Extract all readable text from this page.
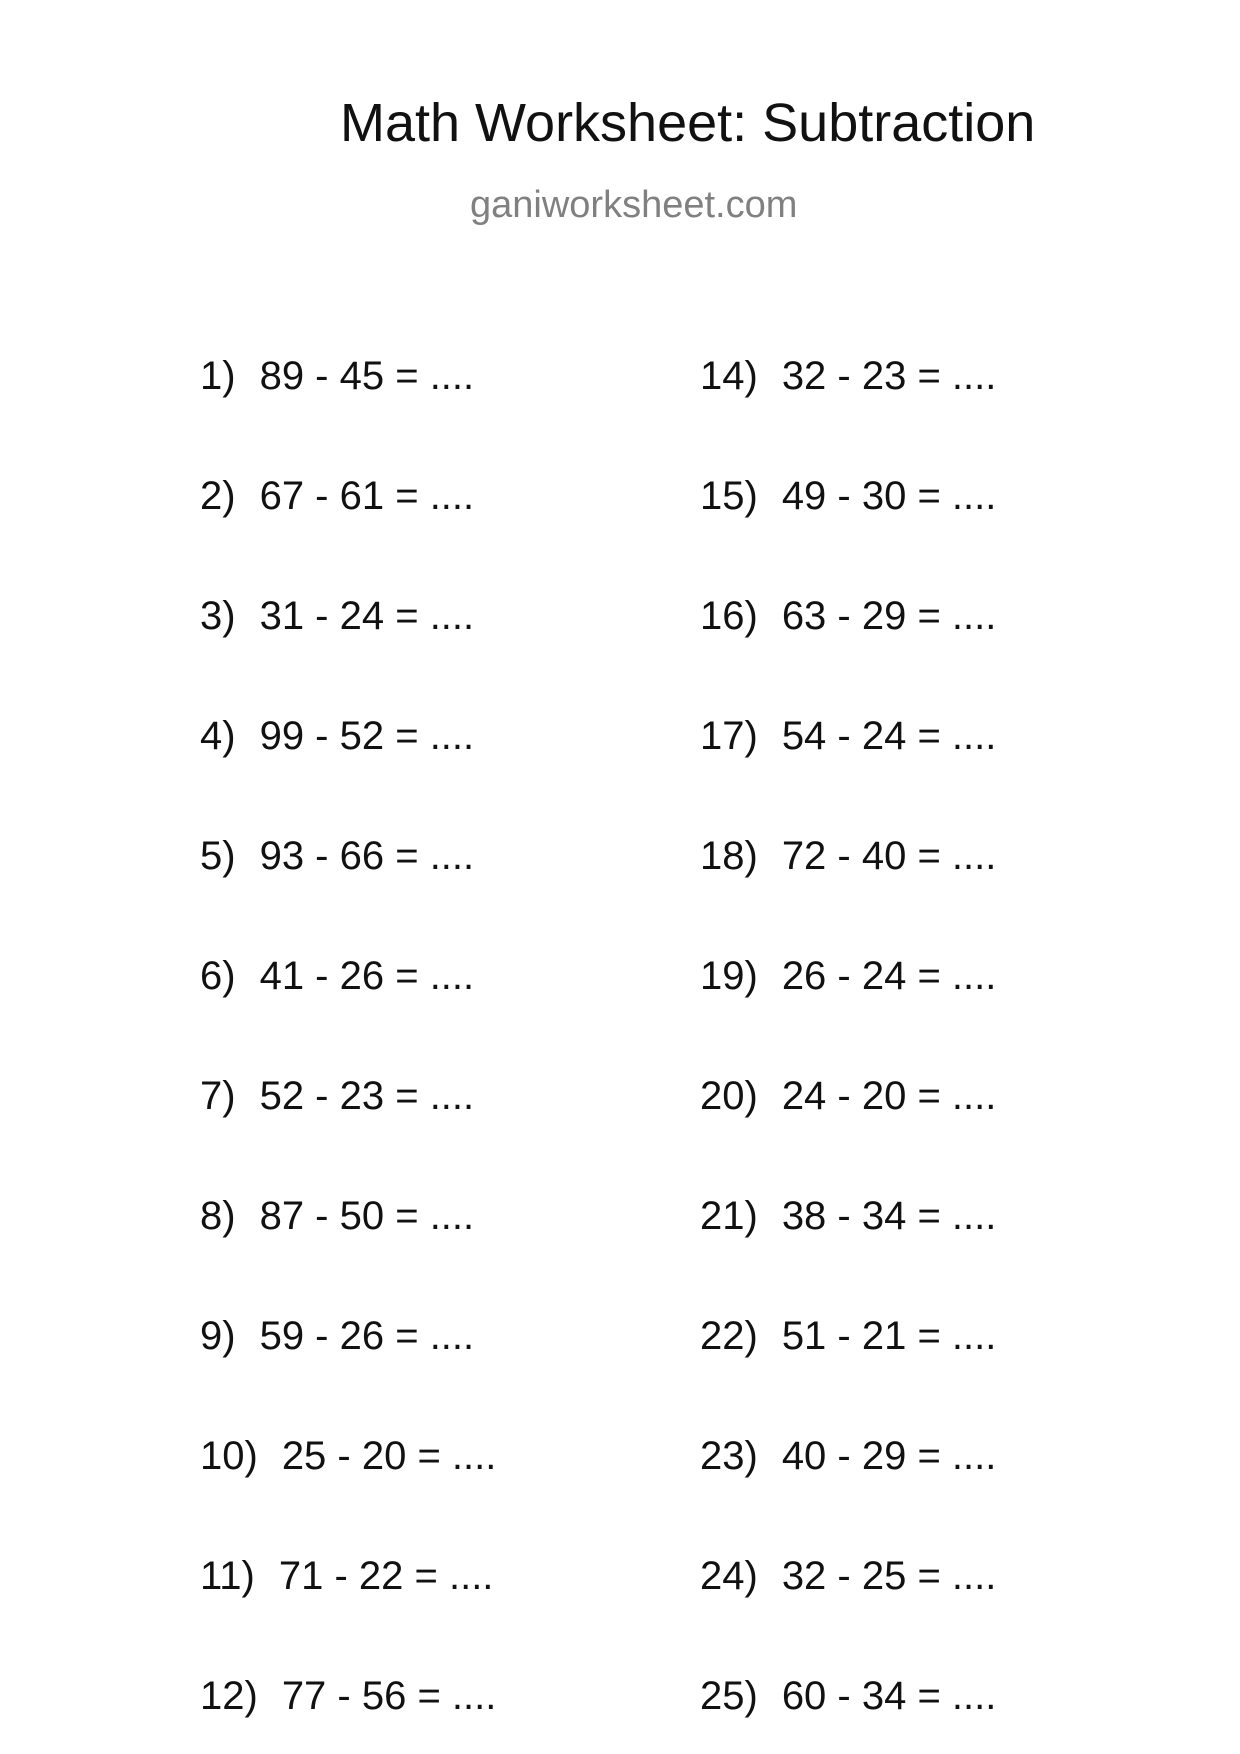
Math Worksheet: Subtraction
ganiworksheet.com
1) 89 - 45 = ....
2) 67 - 61 = ....
3) 31 - 24 = ....
4) 99 - 52 = ....
5) 93 - 66 = ....
6) 41 - 26 = ....
7) 52 - 23 = ....
8) 87 - 50 = ....
9) 59 - 26 = ....
10) 25 - 20 = ....
11) 71 - 22 = ....
12) 77 - 56 = ....
14) 32 - 23 = ....
15) 49 - 30 = ....
16) 63 - 29 = ....
17) 54 - 24 = ....
18) 72 - 40 = ....
19) 26 - 24 = ....
20) 24 - 20 = ....
21) 38 - 34 = ....
22) 51 - 21 = ....
23) 40 - 29 = ....
24) 32 - 25 = ....
25) 60 - 34 = ....
